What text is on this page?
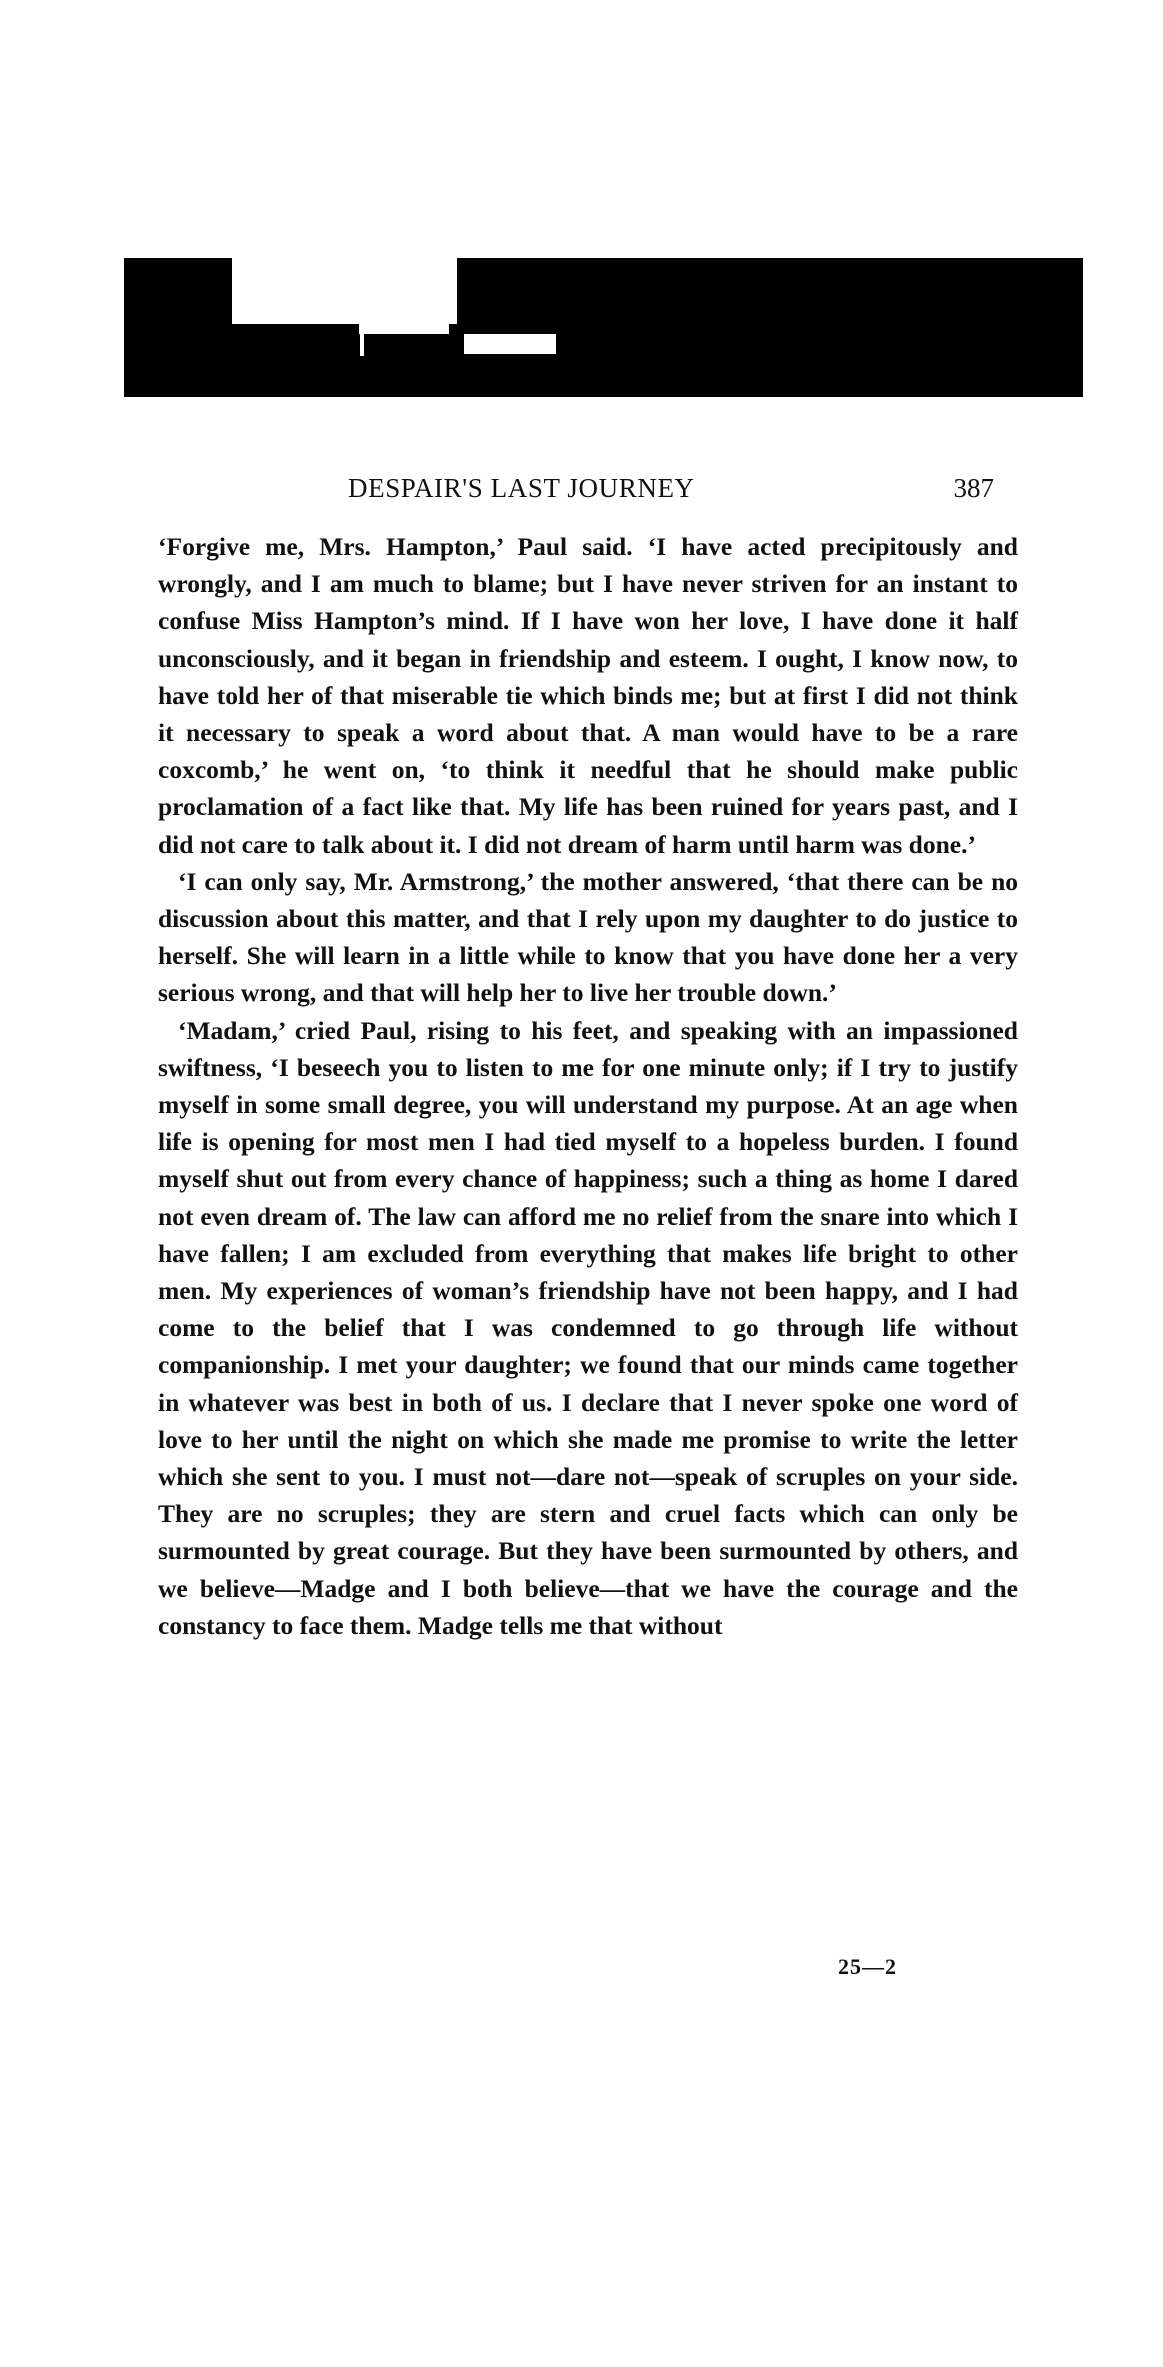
DESPAIR'S LAST JOURNEY	387

‘Forgive me, Mrs. Hampton,’ Paul said. ‘I have acted precipitously and wrongly, and I am much to blame; but I have never striven for an instant to confuse Miss Hampton’s mind. If I have won her love, I have done it half unconsciously, and it began in friendship and esteem. I ought, I know now, to have told her of that miserable tie which binds me; but at first I did not think it necessary to speak a word about that. A man would have to be a rare coxcomb,’ he went on, ‘to think it needful that he should make public proclamation of a fact like that. My life has been ruined for years past, and I did not care to talk about it. I did not dream of harm until harm was done.’

‘I can only say, Mr. Armstrong,’ the mother answered, ‘that there can be no discussion about this matter, and that I rely upon my daughter to do justice to herself. She will learn in a little while to know that you have done her a very serious wrong, and that will help her to live her trouble down.’

‘Madam,’ cried Paul, rising to his feet, and speaking with an impassioned swiftness, ‘I beseech you to listen to me for one minute only; if I try to justify myself in some small degree, you will understand my purpose. At an age when life is opening for most men I had tied myself to a hopeless burden. I found myself shut out from every chance of happiness; such a thing as home I dared not even dream of. The law can afford me no relief from the snare into which I have fallen; I am excluded from everything that makes life bright to other men. My experiences of woman’s friendship have not been happy, and I had come to the belief that I was condemned to go through life without companionship. I met your daughter; we found that our minds came together in whatever was best in both of us. I declare that I never spoke one word of love to her until the night on which she made me promise to write the letter which she sent to you. I must not—dare not—speak of scruples on your side. They are no scruples; they are stern and cruel facts which can only be surmounted by great courage. But they have been surmounted by others, and we believe—Madge and I both believe—that we have the courage and the constancy to face them. Madge tells me that without

25—2
